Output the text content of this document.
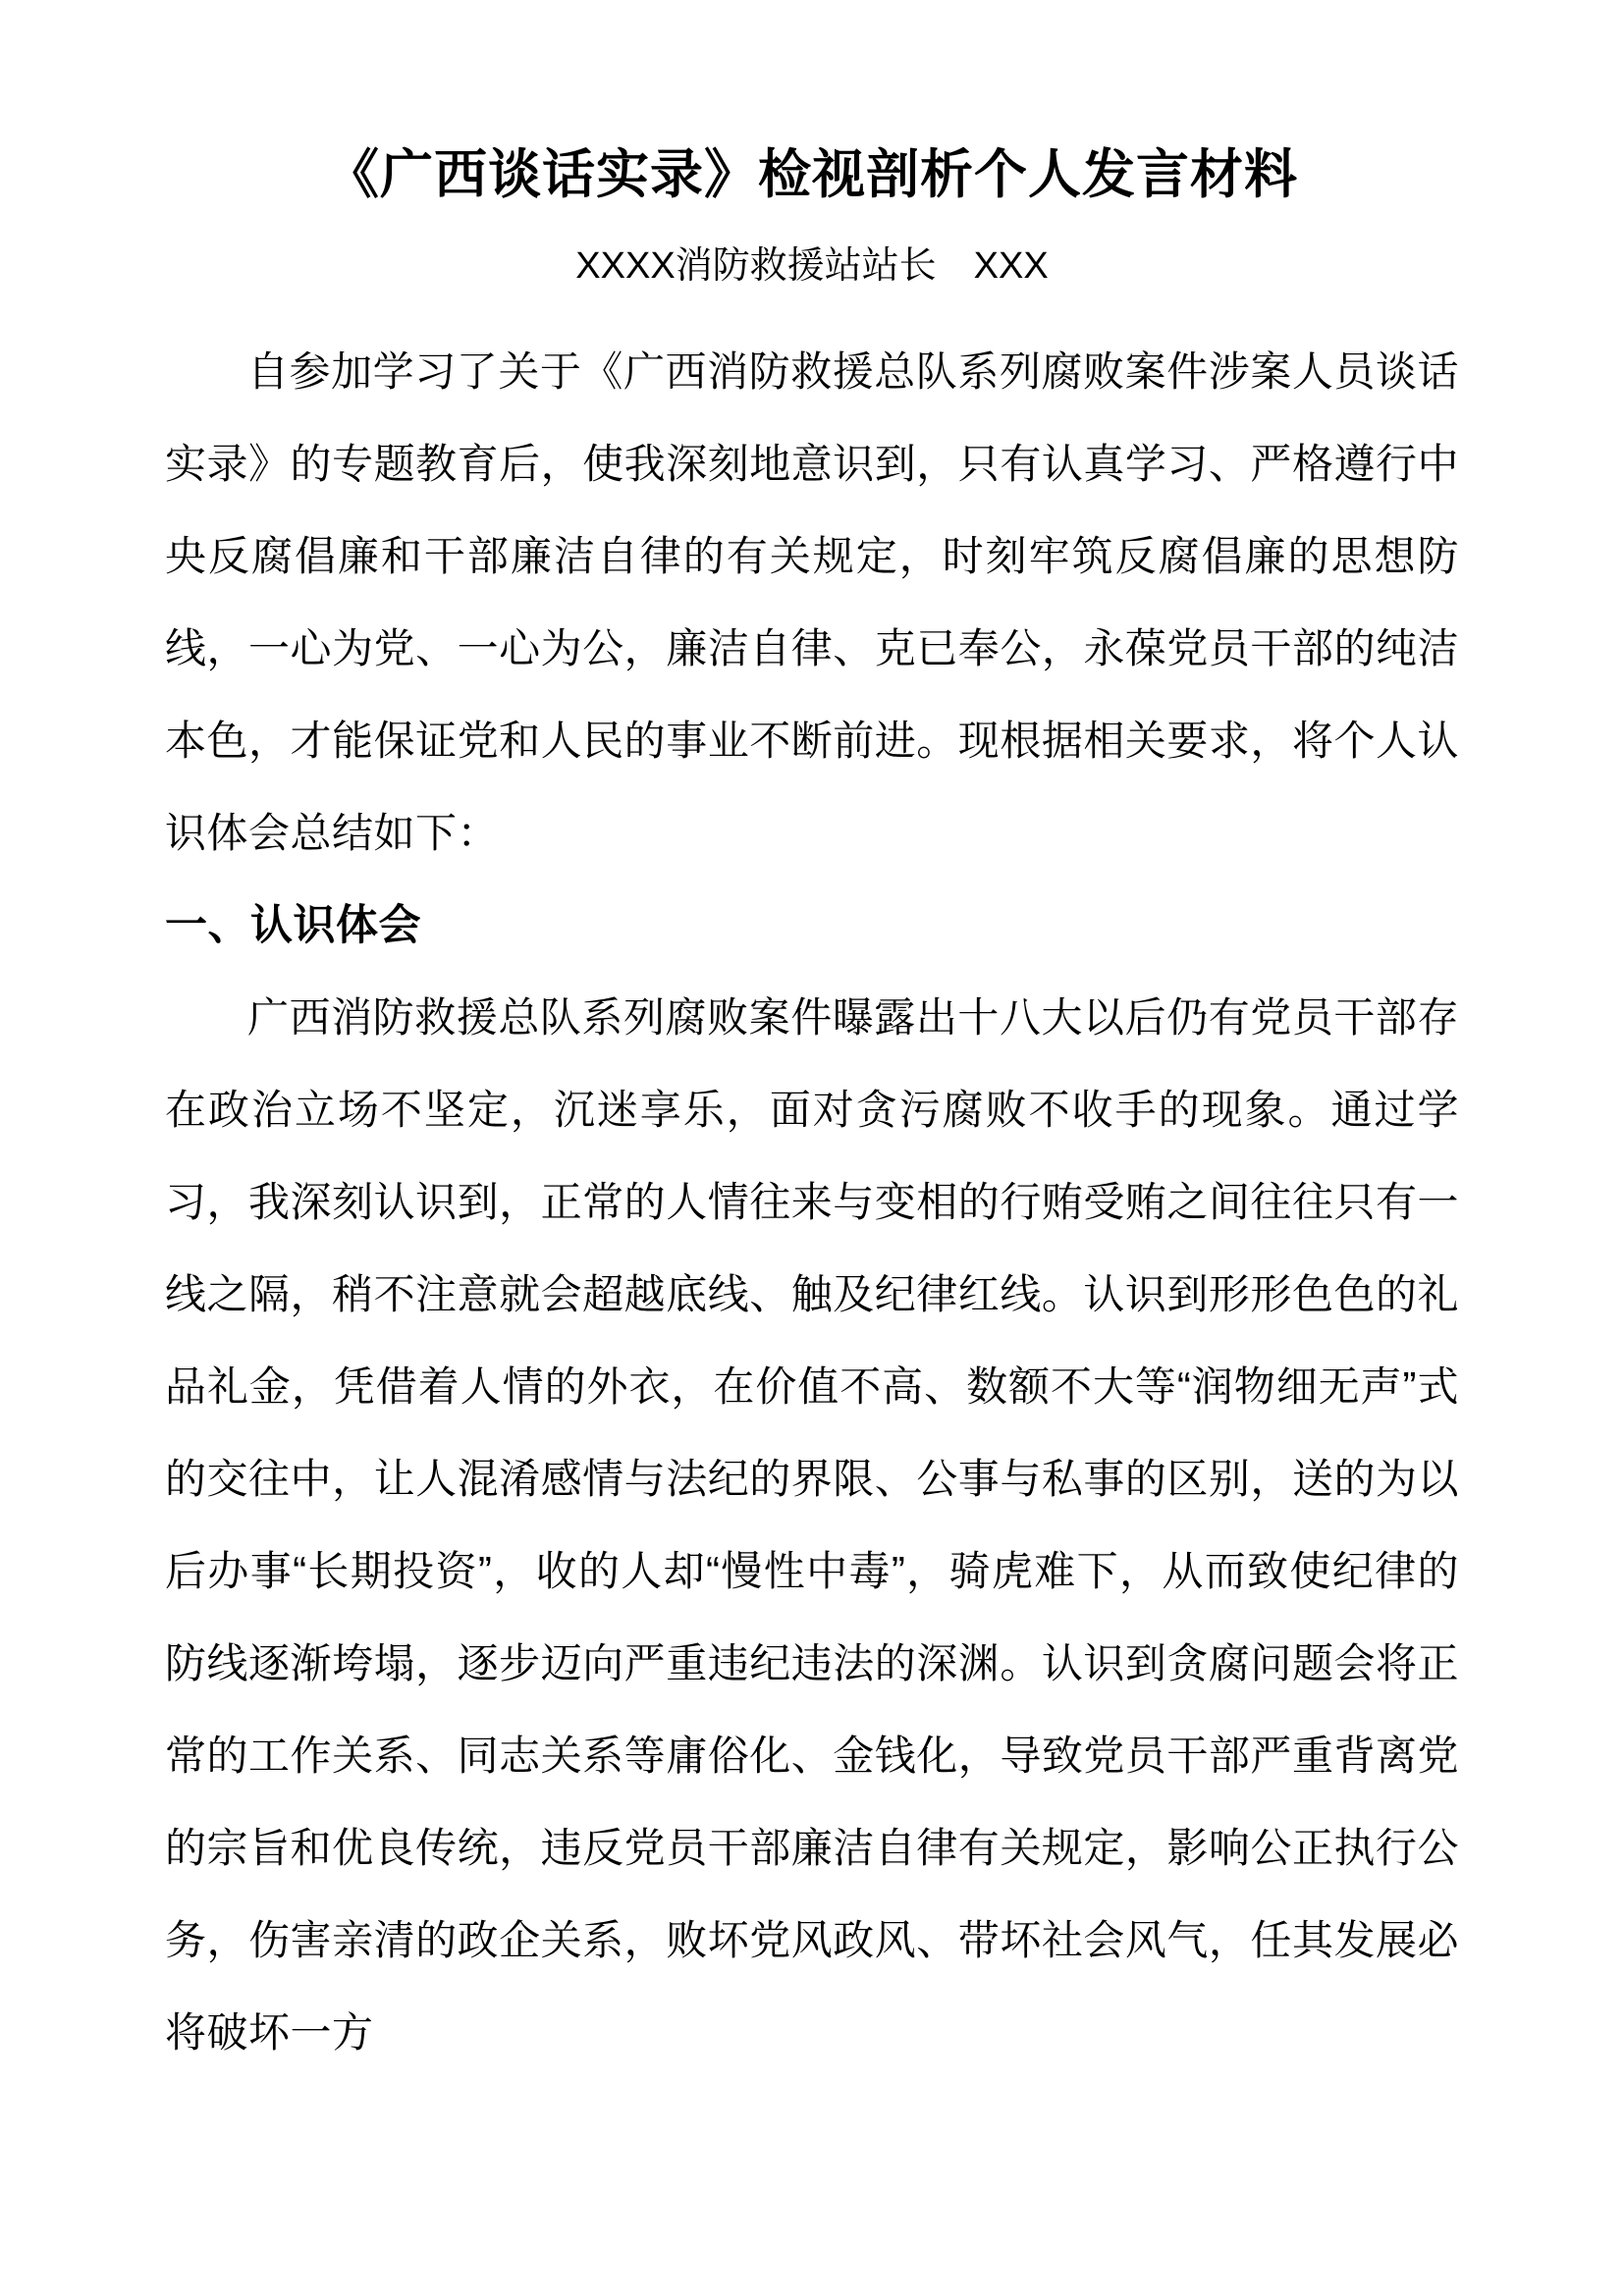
《广西谈话实录》检视剖析个人发言材料
XXXX消防救援站站长　XXX

自参加学习了关于《广西消防救援总队系列腐败案件涉案人员谈话实录》的专题教育后，使我深刻地意识到，只有认真学习、严格遵行中央反腐倡廉和干部廉洁自律的有关规定，时刻牢筑反腐倡廉的思想防线，一心为党、一心为公，廉洁自律、克已奉公，永葆党员干部的纯洁本色，才能保证党和人民的事业不断前进。现根据相关要求，将个人认识体会总结如下：

一、认识体会

广西消防救援总队系列腐败案件曝露出十八大以后仍有党员干部存在政治立场不坚定，沉迷享乐，面对贪污腐败不收手的现象。通过学习，我深刻认识到，正常的人情往来与变相的行贿受贿之间往往只有一线之隔，稍不注意就会超越底线、触及纪律红线。认识到形形色色的礼品礼金，凭借着人情的外衣，在价值不高、数额不大等“润物细无声”式的交往中，让人混淆感情与法纪的界限、公事与私事的区别，送的为以后办事“长期投资”，收的人却“慢性中毒”，骑虎难下，从而致使纪律的防线逐渐垮塌，逐步迈向严重违纪违法的深渊。认识到贪腐问题会将正常的工作关系、同志关系等庸俗化、金钱化，导致党员干部严重背离党的宗旨和优良传统，违反党员干部廉洁自律有关规定，影响公正执行公务，伤害亲清的政企关系，败坏党风政风、带坏社会风气，任其发展必将破坏一方
